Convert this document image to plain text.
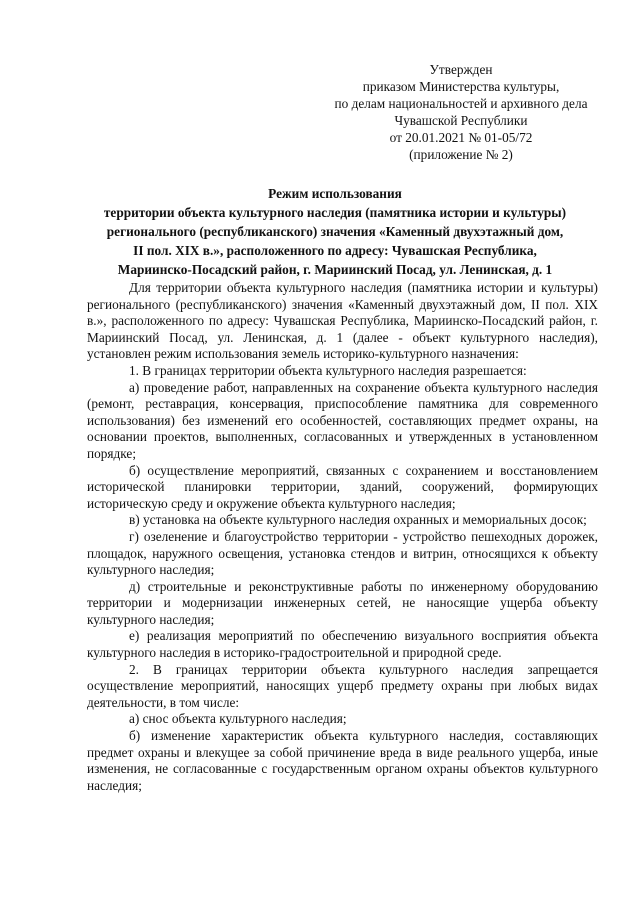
Утвержден
приказом Министерства культуры,
по делам национальностей и архивного дела
Чувашской Республики
от 20.01.2021 № 01-05/72
(приложение № 2)
Режим использования
территории объекта культурного наследия (памятника истории и культуры)
регионального (республиканского) значения «Каменный двухэтажный дом,
II пол. XIX в.», расположенного по адресу: Чувашская Республика,
Мариинско-Посадский район, г. Мариинский Посад, ул. Ленинская, д. 1

Для территории объекта культурного наследия (памятника истории и культуры) регионального (республиканского) значения «Каменный двухэтажный дом, II пол. XIX в.», расположенного по адресу: Чувашская Республика, Мариинско-Посадский район, г. Мариинский Посад, ул. Ленинская, д. 1 (далее - объект культурного наследия), установлен режим использования земель историко-культурного назначения:

1. В границах территории объекта культурного наследия разрешается:

а) проведение работ, направленных на сохранение объекта культурного наследия (ремонт, реставрация, консервация, приспособление памятника для современного использования) без изменений его особенностей, составляющих предмет охраны, на основании проектов, выполненных, согласованных и утвержденных в установленном порядке;

б) осуществление мероприятий, связанных с сохранением и восстановлением исторической планировки территории, зданий, сооружений, формирующих историческую среду и окружение объекта культурного наследия;

в) установка на объекте культурного наследия охранных и мемориальных досок;

г) озеленение и благоустройство территории - устройство пешеходных дорожек, площадок, наружного освещения, установка стендов и витрин, относящихся к объекту культурного наследия;

д) строительные и реконструктивные работы по инженерному оборудованию территории и модернизации инженерных сетей, не наносящие ущерба объекту культурного наследия;

е) реализация мероприятий по обеспечению визуального восприятия объекта культурного наследия в историко-градостроительной и природной среде.

2. В границах территории объекта культурного наследия запрещается осуществление мероприятий, наносящих ущерб предмету охраны при любых видах деятельности, в том числе:

а) снос объекта культурного наследия;

б) изменение характеристик объекта культурного наследия, составляющих предмет охраны и влекущее за собой причинение вреда в виде реального ущерба, иные изменения, не согласованные с государственным органом охраны объектов культурного наследия;
